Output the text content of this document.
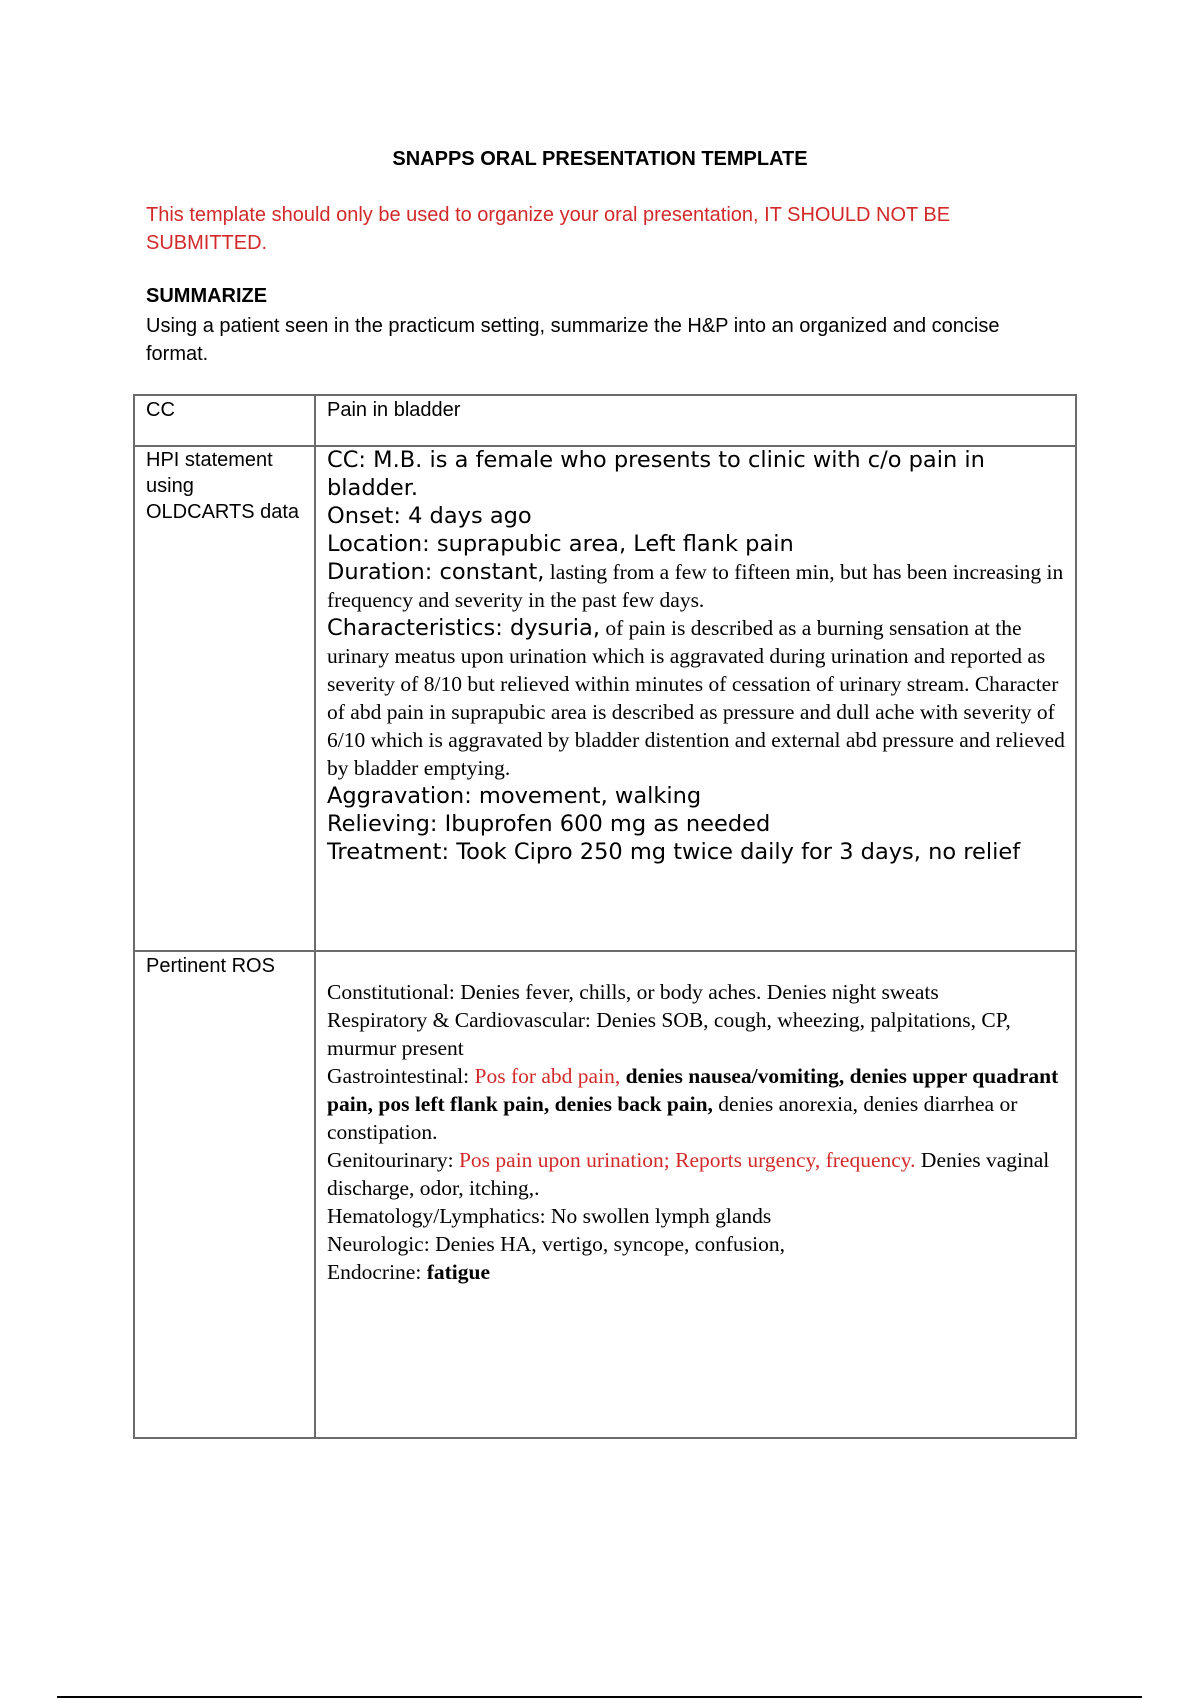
SNAPPS ORAL PRESENTATION TEMPLATE
This template should only be used to organize your oral presentation, IT SHOULD NOT BE SUBMITTED.
SUMMARIZE
Using a patient seen in the practicum setting, summarize the H&P into an organized and concise format.
CC	Pain in bladder
HPI statement using OLDCARTS data
CC: M.B. is a female who presents to clinic with c/o pain in bladder.
Onset: 4 days ago
Location: suprapubic area, Left flank pain
Duration: constant, lasting from a few to fifteen min, but has been increasing in frequency and severity in the past few days.
Characteristics: dysuria, of pain is described as a burning sensation at the urinary meatus upon urination which is aggravated during urination and reported as severity of 8/10 but relieved within minutes of cessation of urinary stream. Character of abd pain in suprapubic area is described as pressure and dull ache with severity of 6/10 which is aggravated by bladder distention and external abd pressure and relieved by bladder emptying.
Aggravation: movement, walking
Relieving: Ibuprofen 600 mg as needed
Treatment: Took Cipro 250 mg twice daily for 3 days, no relief
Pertinent ROS
Constitutional: Denies fever, chills, or body aches. Denies night sweats
Respiratory & Cardiovascular: Denies SOB, cough, wheezing, palpitations, CP, murmur present
Gastrointestinal: Pos for abd pain, denies nausea/vomiting, denies upper quadrant pain, pos left flank pain, denies back pain, denies anorexia, denies diarrhea or constipation.
Genitourinary: Pos pain upon urination; Reports urgency, frequency. Denies vaginal discharge, odor, itching,.
Hematology/Lymphatics: No swollen lymph glands
Neurologic: Denies HA, vertigo, syncope, confusion,
Endocrine: fatigue
